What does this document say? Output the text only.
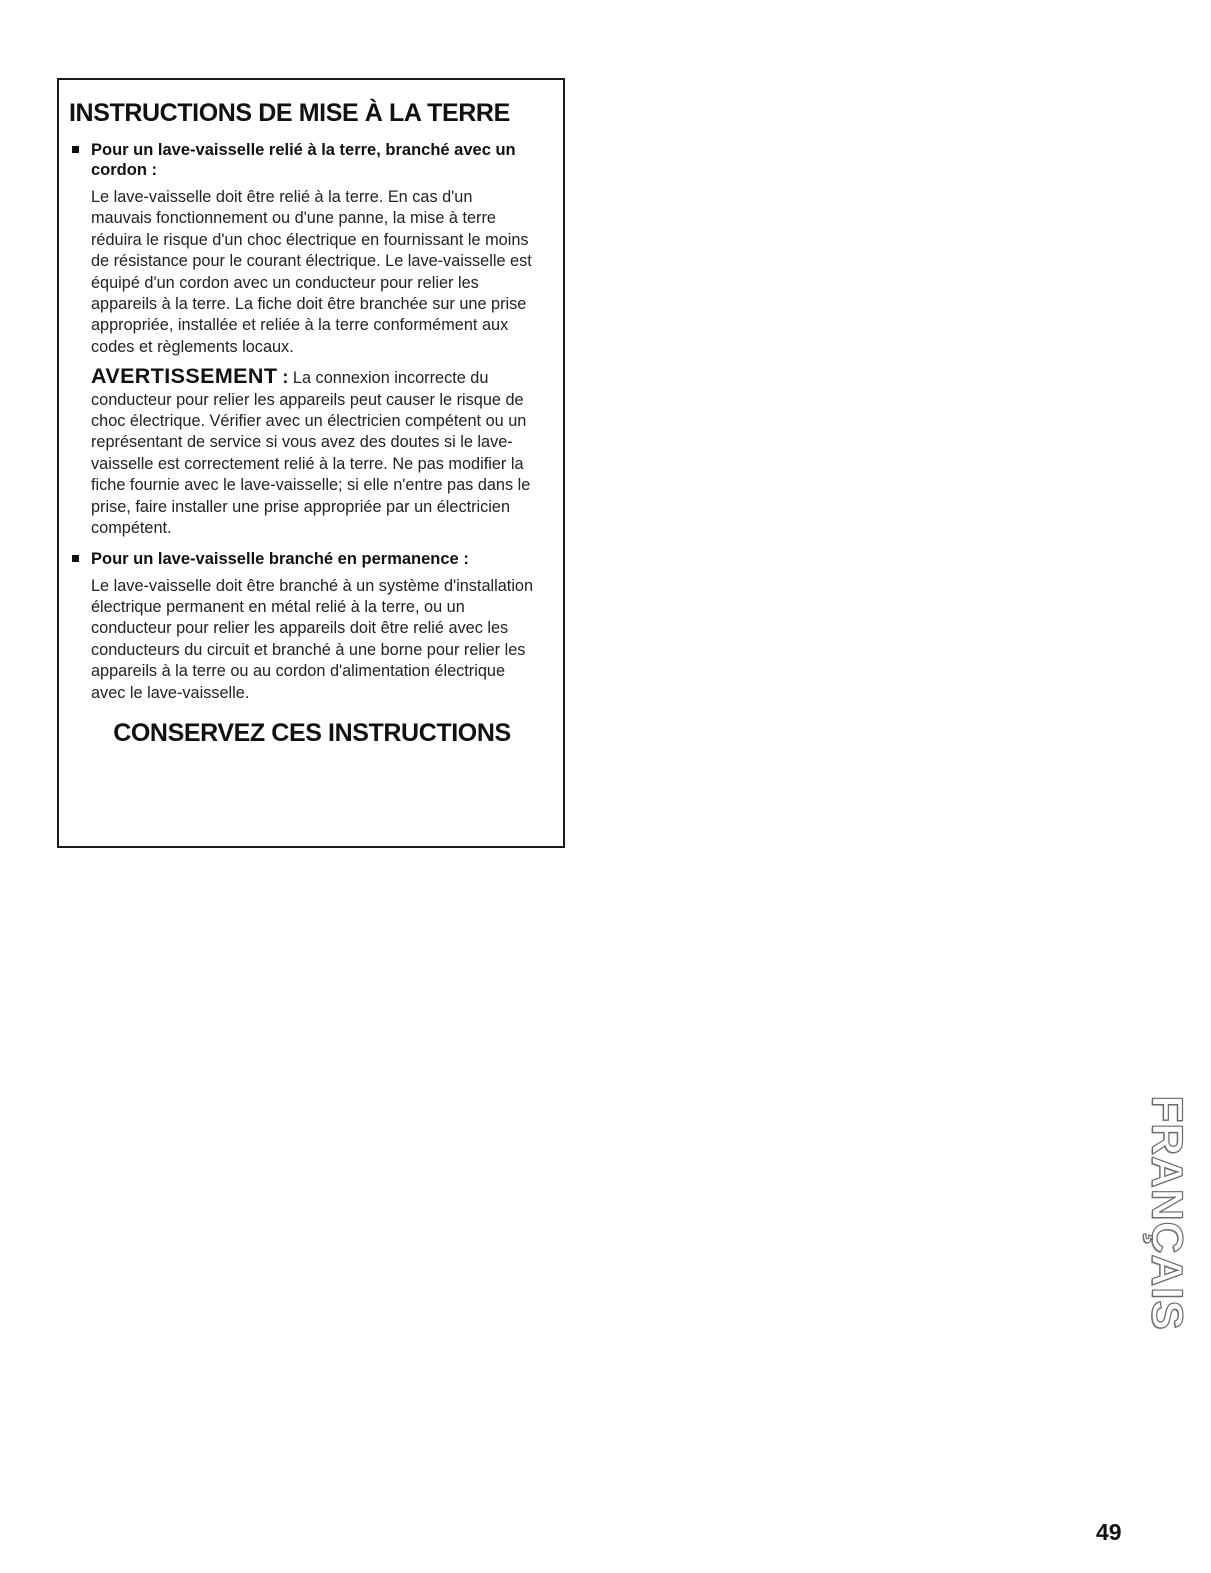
INSTRUCTIONS DE MISE À LA TERRE
Pour un lave-vaisselle relié à la terre, branché avec un cordon :

Le lave-vaisselle doit être relié à la terre. En cas d'un mauvais fonctionnement ou d'une panne, la mise à terre réduira le risque d'un choc électrique en fournissant le moins de résistance pour le courant électrique. Le lave-vaisselle est équipé d'un cordon avec un conducteur pour relier les appareils à la terre. La fiche doit être branchée sur une prise appropriée, installée et reliée à la terre conformément aux codes et règlements locaux.

AVERTISSEMENT : La connexion incorrecte du conducteur pour relier les appareils peut causer le risque de choc électrique. Vérifier avec un électricien compétent ou un représentant de service si vous avez des doutes si le lave-vaisselle est correctement relié à la terre. Ne pas modifier la fiche fournie avec le lave-vaisselle; si elle n'entre pas dans le prise, faire installer une prise appropriée par un électricien compétent.

Pour un lave-vaisselle branché en permanence :

Le lave-vaisselle doit être branché à un système d'installation électrique permanent en métal relié à la terre, ou un conducteur pour relier les appareils doit être relié avec les conducteurs du circuit et branché à une borne pour relier les appareils à la terre ou au cordon d'alimentation électrique avec le lave-vaisselle.

CONSERVEZ CES INSTRUCTIONS
FRANÇAIS
49
